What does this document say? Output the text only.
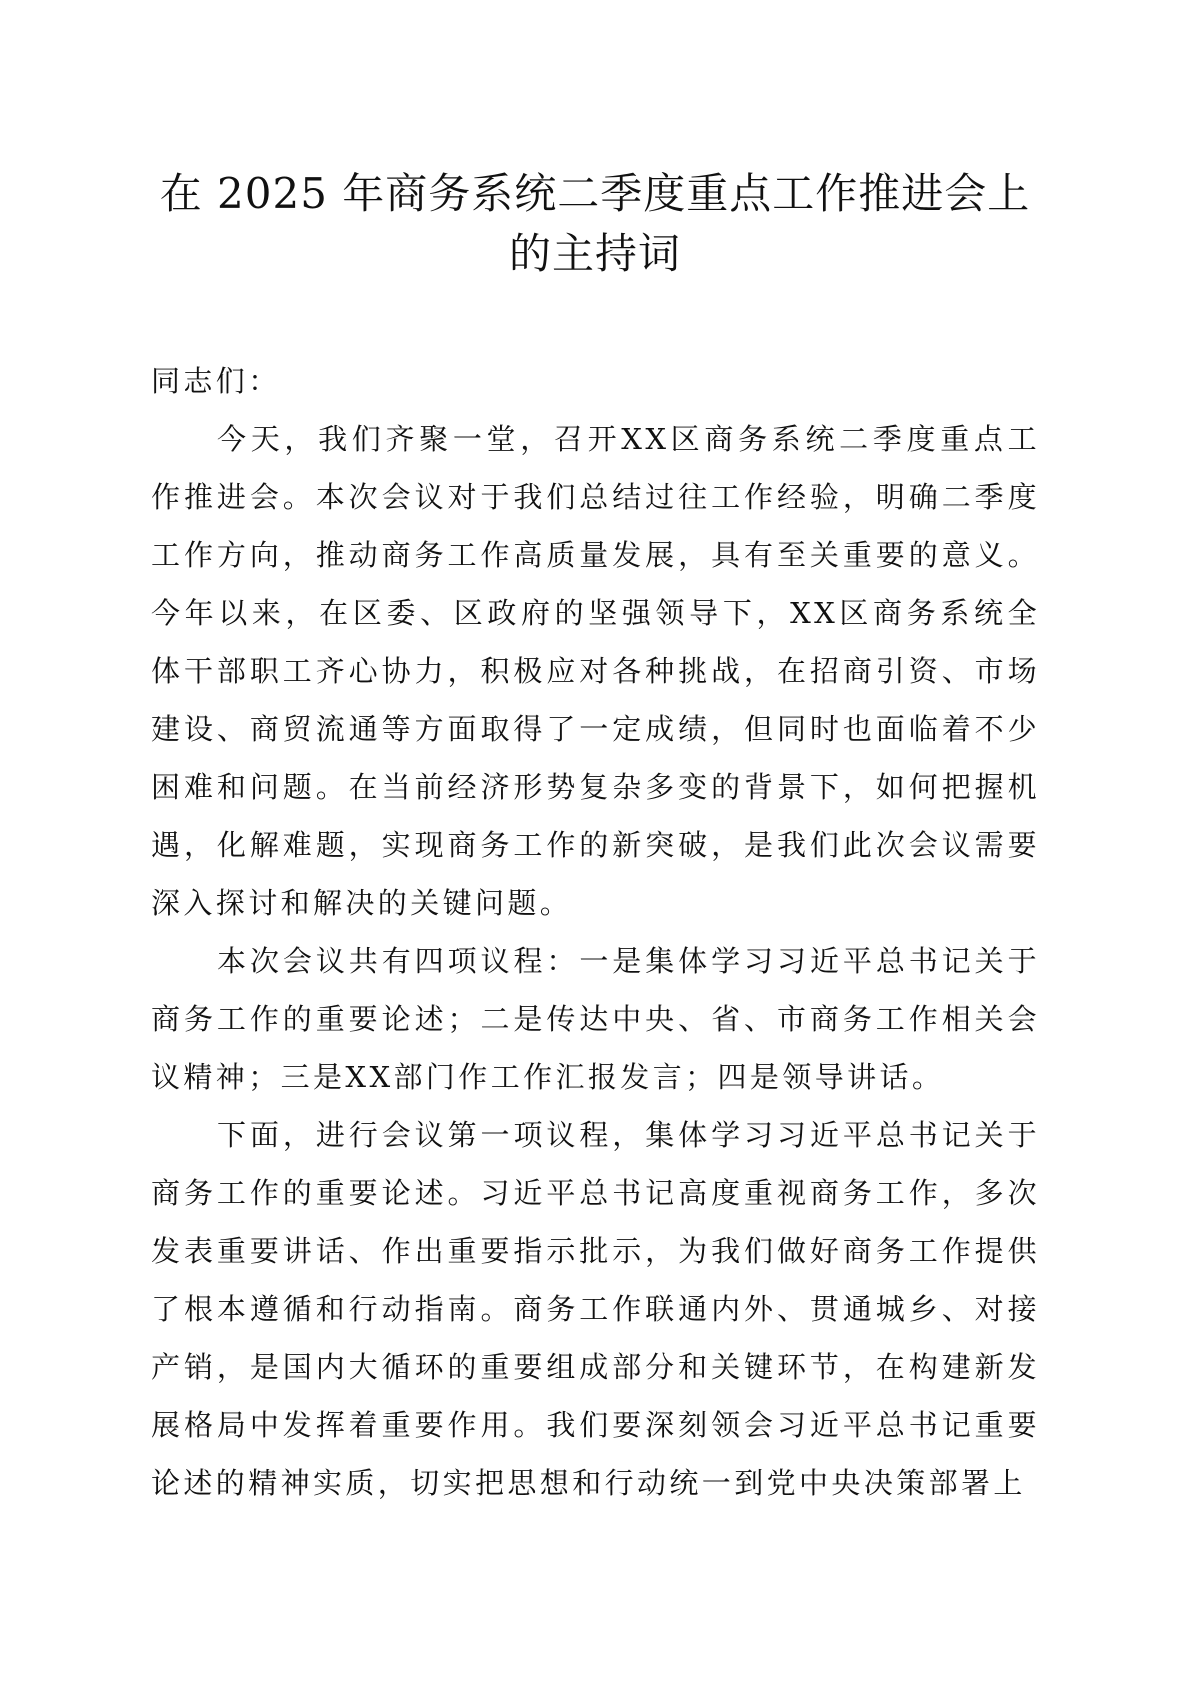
在 2025 年商务系统二季度重点工作推进会上的主持词

同志们：

今天，我们齐聚一堂，召开XX区商务系统二季度重点工作推进会。本次会议对于我们总结过往工作经验，明确二季度工作方向，推动商务工作高质量发展，具有至关重要的意义。今年以来，在区委、区政府的坚强领导下，XX区商务系统全体干部职工齐心协力，积极应对各种挑战，在招商引资、市场建设、商贸流通等方面取得了一定成绩，但同时也面临着不少困难和问题。在当前经济形势复杂多变的背景下，如何把握机遇，化解难题，实现商务工作的新突破，是我们此次会议需要深入探讨和解决的关键问题。

本次会议共有四项议程：一是集体学习习近平总书记关于商务工作的重要论述；二是传达中央、省、市商务工作相关会议精神；三是XX部门作工作汇报发言；四是领导讲话。

下面，进行会议第一项议程，集体学习习近平总书记关于商务工作的重要论述。习近平总书记高度重视商务工作，多次发表重要讲话、作出重要指示批示，为我们做好商务工作提供了根本遵循和行动指南。商务工作联通内外、贯通城乡、对接产销，是国内大循环的重要组成部分和关键环节，在构建新发展格局中发挥着重要作用。我们要深刻领会习近平总书记重要论述的精神实质，切实把思想和行动统一到党中央决策部署上
